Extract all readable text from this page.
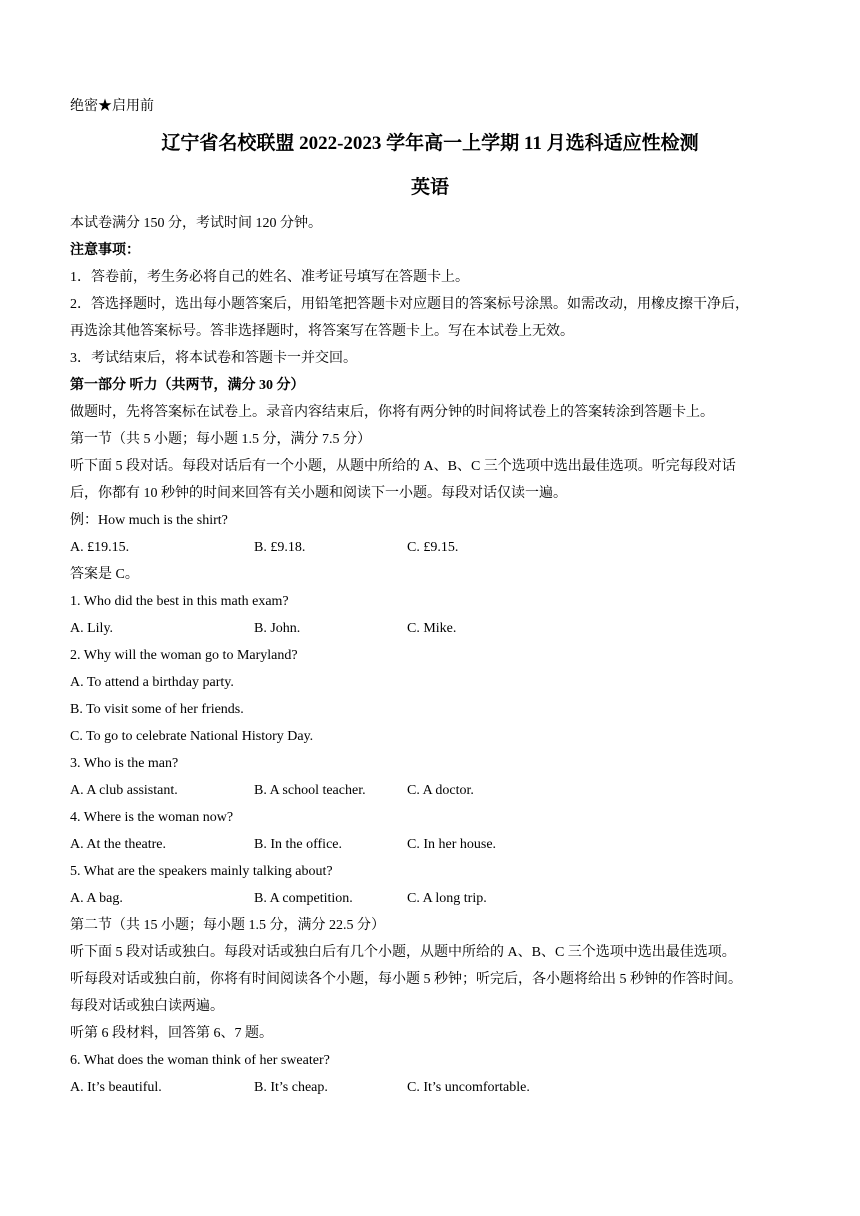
绝密★启用前
辽宁省名校联盟 2022-2023 学年高一上学期 11 月选科适应性检测
英语
本试卷满分 150 分，考试时间 120 分钟。
注意事项：
1．答卷前，考生务必将自己的姓名、准考证号填写在答题卡上。
2．答选择题时，选出每小题答案后，用铅笔把答题卡对应题目的答案标号涂黑。如需改动，用橡皮擦干净后，
再选涂其他答案标号。答非选择题时，将答案写在答题卡上。写在本试卷上无效。
3．考试结束后，将本试卷和答题卡一并交回。
第一部分 听力（共两节，满分 30 分）
做题时，先将答案标在试卷上。录音内容结束后，你将有两分钟的时间将试卷上的答案转涂到答题卡上。
第一节（共 5 小题；每小题 1.5 分，满分 7.5 分）
听下面 5 段对话。每段对话后有一个小题，从题中所给的 A、B、C 三个选项中选出最佳选项。听完每段对话
后，你都有 10 秒钟的时间来回答有关小题和阅读下一小题。每段对话仅读一遍。
例：How much is the shirt?
A. £19.15.	B. £9.18.	C. £9.15.
答案是 C。
1. Who did the best in this math exam?
A. Lily.	B. John.	C. Mike.
2. Why will the woman go to Maryland?
A. To attend a birthday party.
B. To visit some of her friends.
C. To go to celebrate National History Day.
3. Who is the man?
A. A club assistant.	B. A school teacher.	C. A doctor.
4. Where is the woman now?
A. At the theatre.	B. In the office.	C. In her house.
5. What are the speakers mainly talking about?
A. A bag.	B. A competition.	C. A long trip.
第二节（共 15 小题；每小题 1.5 分，满分 22.5 分）
听下面 5 段对话或独白。每段对话或独白后有几个小题，从题中所给的 A、B、C 三个选项中选出最佳选项。
听每段对话或独白前，你将有时间阅读各个小题，每小题 5 秒钟；听完后，各小题将给出 5 秒钟的作答时间。
每段对话或独白读两遍。
听第 6 段材料，回答第 6、7 题。
6. What does the woman think of her sweater?
A. It’s beautiful.	B. It’s cheap.	C. It’s uncomfortable.
